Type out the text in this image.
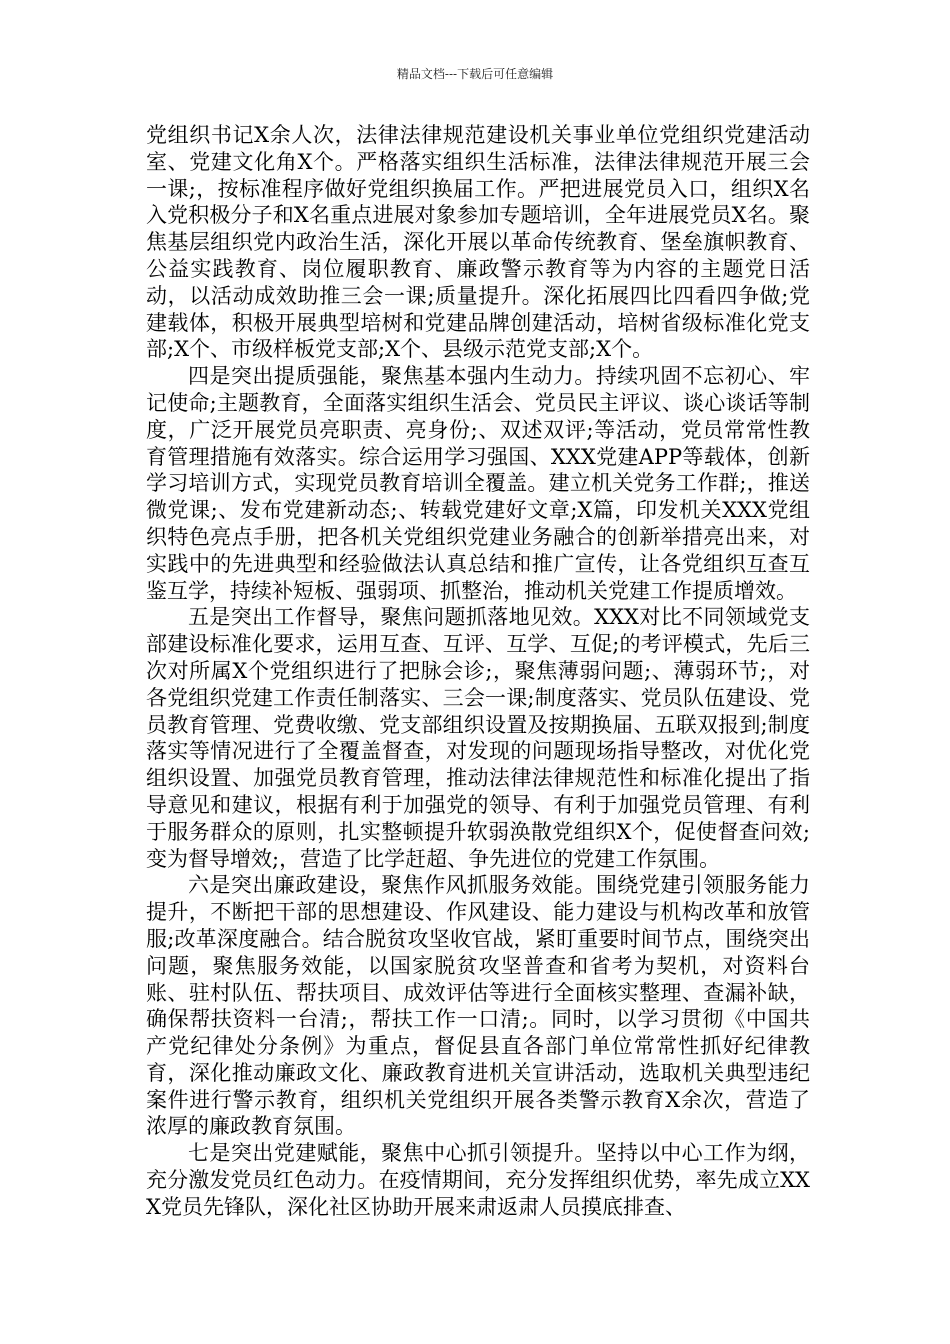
精品文档---下载后可任意编辑

党组织书记X余人次，法律法律规范建设机关事业单位党组织党建活动室、党建文化角X个。严格落实组织生活标准，法律法律规范开展三会一课;，按标准程序做好党组织换届工作。严把进展党员入口，组织X名入党积极分子和X名重点进展对象参加专题培训，全年进展党员X名。聚焦基层组织党内政治生活，深化开展以革命传统教育、堡垒旗帜教育、公益实践教育、岗位履职教育、廉政警示教育等为内容的主题党日活动，以活动成效助推三会一课;质量提升。深化拓展四比四看四争做;党建载体，积极开展典型培树和党建品牌创建活动，培树省级标准化党支部;X个、市级样板党支部;X个、县级示范党支部;X个。

四是突出提质强能，聚焦基本强内生动力。持续巩固不忘初心、牢记使命;主题教育，全面落实组织生活会、党员民主评议、谈心谈话等制度，广泛开展党员亮职责、亮身份;、双述双评;等活动，党员常常性教育管理措施有效落实。综合运用学习强国、XXX党建APP等载体，创新学习培训方式，实现党员教育培训全覆盖。建立机关党务工作群;，推送微党课;、发布党建新动态;、转载党建好文章;X篇，印发机关XXX党组织特色亮点手册，把各机关党组织党建业务融合的创新举措亮出来，对实践中的先进典型和经验做法认真总结和推广宣传，让各党组织互查互鉴互学，持续补短板、强弱项、抓整治，推动机关党建工作提质增效。

五是突出工作督导，聚焦问题抓落地见效。XXX对比不同领域党支部建设标准化要求，运用互查、互评、互学、互促;的考评模式，先后三次对所属X个党组织进行了把脉会诊;，聚焦薄弱问题;、薄弱环节;，对各党组织党建工作责任制落实、三会一课;制度落实、党员队伍建设、党员教育管理、党费收缴、党支部组织设置及按期换届、五联双报到;制度落实等情况进行了全覆盖督查，对发现的问题现场指导整改，对优化党组织设置、加强党员教育管理，推动法律法律规范性和标准化提出了指导意见和建议，根据有利于加强党的领导、有利于加强党员管理、有利于服务群众的原则，扎实整顿提升软弱涣散党组织X个，促使督查问效;变为督导增效;，营造了比学赶超、争先进位的党建工作氛围。

六是突出廉政建设，聚焦作风抓服务效能。围绕党建引领服务能力提升，不断把干部的思想建设、作风建设、能力建设与机构改革和放管服;改革深度融合。结合脱贫攻坚收官战，紧盯重要时间节点，围绕突出问题，聚焦服务效能，以国家脱贫攻坚普查和省考为契机，对资料台账、驻村队伍、帮扶项目、成效评估等进行全面核实整理、查漏补缺，确保帮扶资料一台清;，帮扶工作一口清;。同时，以学习贯彻《中国共产党纪律处分条例》为重点，督促县直各部门单位常常性抓好纪律教育，深化推动廉政文化、廉政教育进机关宣讲活动，选取机关典型违纪案件进行警示教育，组织机关党组织开展各类警示教育X余次，营造了浓厚的廉政教育氛围。

七是突出党建赋能，聚焦中心抓引领提升。坚持以中心工作为纲，充分激发党员红色动力。在疫情期间，充分发挥组织优势，率先成立XXX党员先锋队，深化社区协助开展来肃返肃人员摸底排查、
